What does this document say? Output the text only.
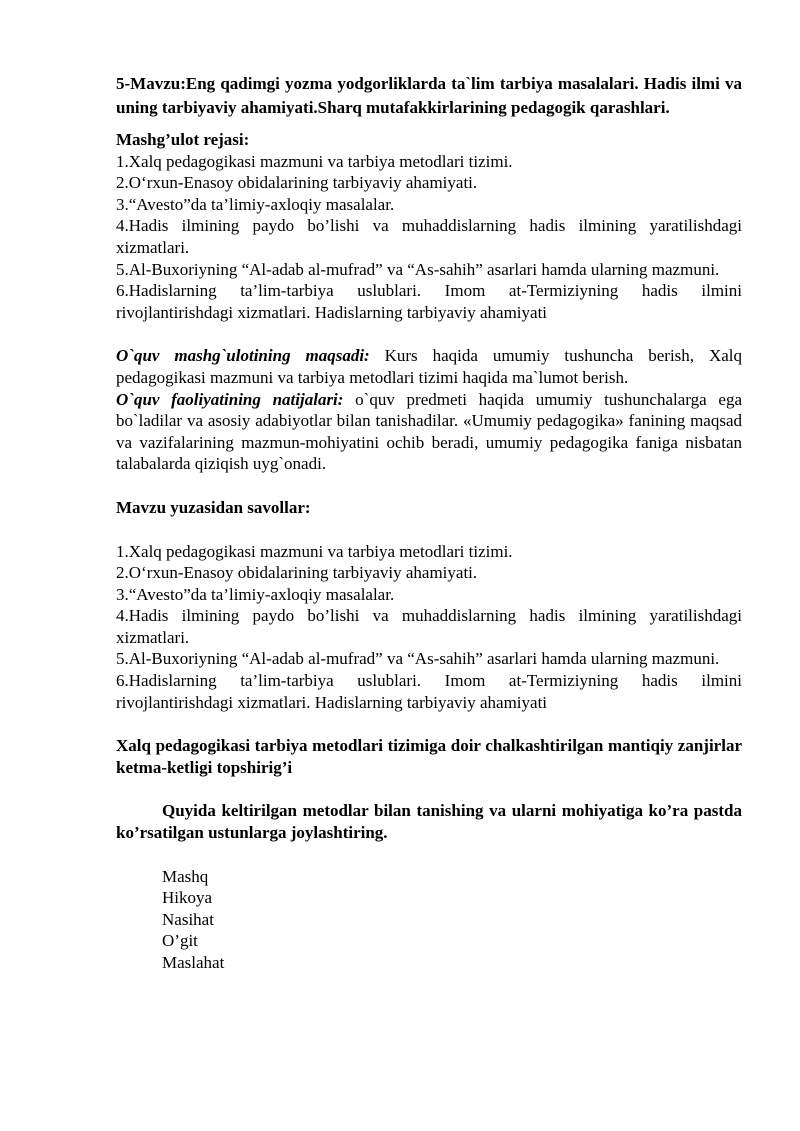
5-Mavzu:Eng qadimgi yozma yodgorliklarda ta`lim tarbiya masalalari. Hadis ilmi va uning tarbiyaviy ahamiyati.Sharq mutafakkirlarining pedagogik qarashlari.

Mashg’ulot rejasi:

1.Xalq pedagogikasi mazmuni va tarbiya metodlari tizimi.

2.O‘rxun-Enasoy obidalarining tarbiyaviy ahamiyati.

3.“Avesto”da ta’limiy-axloqiy masalalar.

4.Hadis ilmining paydo bo’lishi va muhaddislarning hadis ilmining yaratilishdagi xizmatlari.

5.Al-Buxoriyning “Al-adab al-mufrad” va “As-sahih” asarlari hamda ularning mazmuni.

6.Hadislarning ta’lim-tarbiya uslublari. Imom at-Termiziyning hadis ilmini rivojlantirishdagi xizmatlari. Hadislarning tarbiyaviy ahamiyati

O`quv mashg`ulotining maqsadi: Kurs haqida umumiy tushuncha berish, Xalq pedagogikasi mazmuni va tarbiya metodlari tizimi haqida ma`lumot berish.

O`quv faoliyatining natijalari: o`quv predmeti haqida umumiy tushunchalarga ega bo`ladilar va asosiy adabiyotlar bilan tanishadilar. «Umumiy pedagogika» fanining maqsad va vazifalarining mazmun-mohiyatini ochib beradi, umumiy pedagogika faniga nisbatan talabalarda qiziqish uyg`onadi.

Mavzu yuzasidan savollar:

1.Xalq pedagogikasi mazmuni va tarbiya metodlari tizimi.

2.O‘rxun-Enasoy obidalarining tarbiyaviy ahamiyati.

3.“Avesto”da ta’limiy-axloqiy masalalar.

4.Hadis ilmining paydo bo’lishi va muhaddislarning hadis ilmining yaratilishdagi xizmatlari.

5.Al-Buxoriyning “Al-adab al-mufrad” va “As-sahih” asarlari hamda ularning mazmuni.

6.Hadislarning ta’lim-tarbiya uslublari. Imom at-Termiziyning hadis ilmini rivojlantirishdagi xizmatlari. Hadislarning tarbiyaviy ahamiyati

Xalq pedagogikasi tarbiya metodlari tizimiga doir chalkashtirilgan mantiqiy zanjirlar ketma-ketligi topshirig’i

Quyida keltirilgan metodlar bilan tanishing va ularni mohiyatiga ko’ra pastda ko’rsatilgan ustunlarga joylashtiring.

Mashq

Hikoya

Nasihat

O’git

Maslahat
